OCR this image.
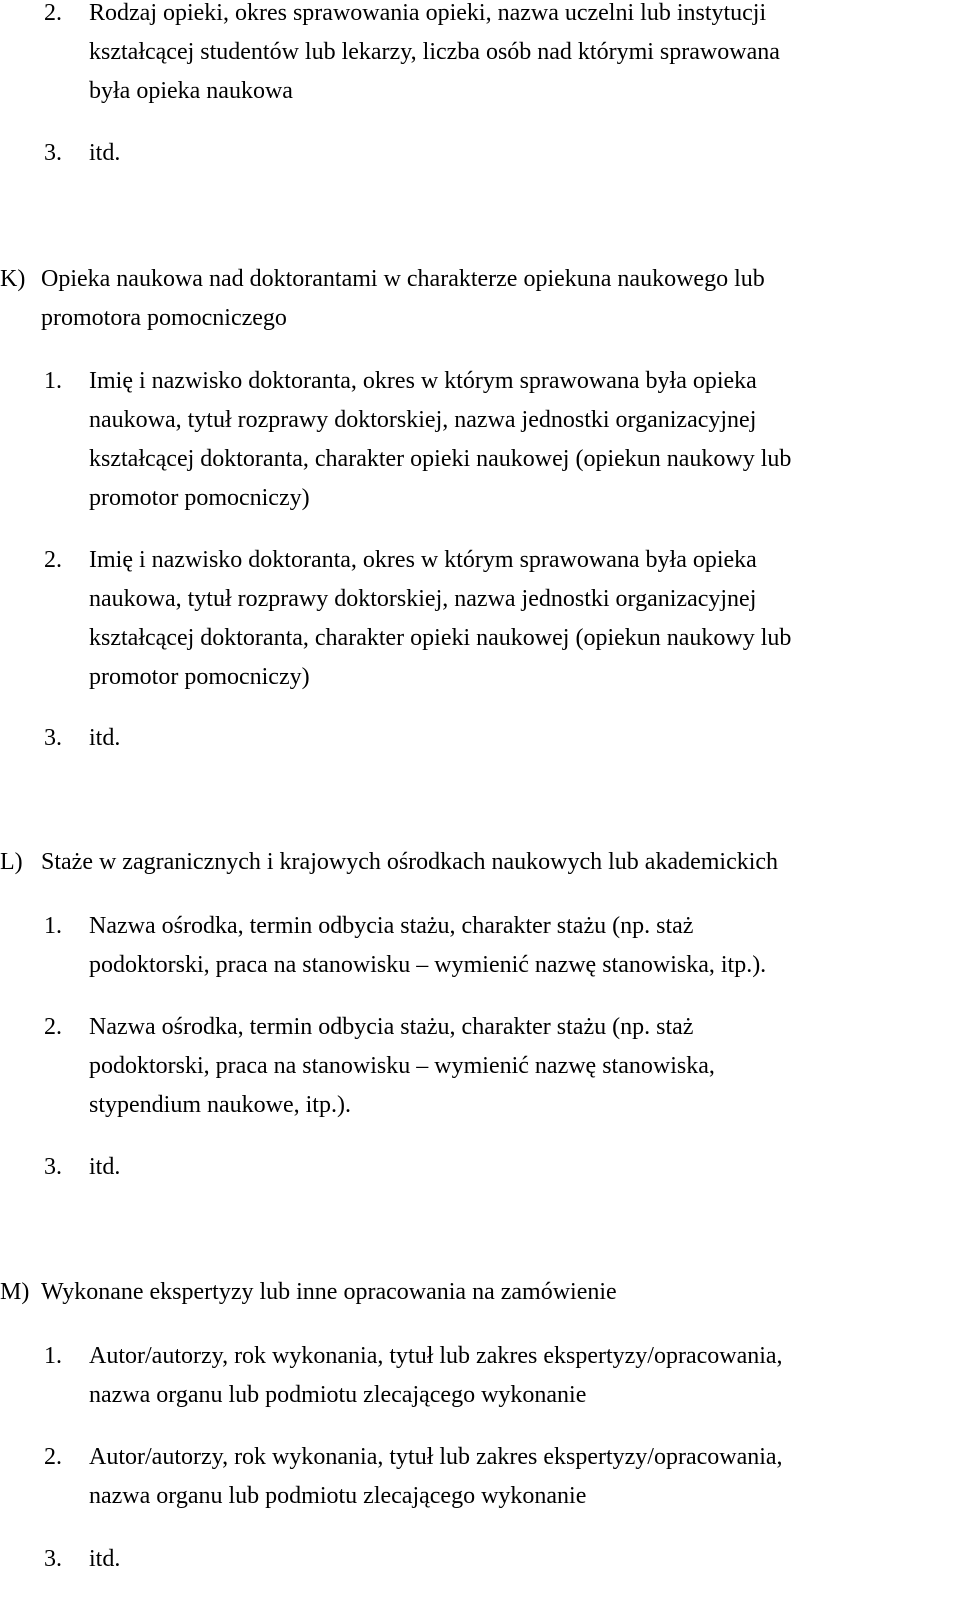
2. Rodzaj opieki, okres sprawowania opieki, nazwa uczelni lub instytucji
kształcącej studentów lub lekarzy, liczba osób nad którymi sprawowana
była opieka naukowa
3. itd.
K) Opieka naukowa nad doktorantami w charakterze opiekuna naukowego lub
promotora pomocniczego
1. Imię i nazwisko doktoranta, okres w którym sprawowana była opieka
naukowa, tytuł rozprawy doktorskiej, nazwa jednostki organizacyjnej
kształcącej doktoranta, charakter opieki naukowej (opiekun naukowy lub
promotor pomocniczy)
2. Imię i nazwisko doktoranta, okres w którym sprawowana była opieka
naukowa, tytuł rozprawy doktorskiej, nazwa jednostki organizacyjnej
kształcącej doktoranta, charakter opieki naukowej (opiekun naukowy lub
promotor pomocniczy)
3. itd.
L) Staże w zagranicznych i krajowych ośrodkach naukowych lub akademickich
1. Nazwa ośrodka, termin odbycia stażu, charakter stażu (np. staż
podoktorski, praca na stanowisku – wymienić nazwę stanowiska, itp.).
2. Nazwa ośrodka, termin odbycia stażu, charakter stażu (np. staż
podoktorski, praca na stanowisku – wymienić nazwę stanowiska,
stypendium naukowe, itp.).
3. itd.
M) Wykonane ekspertyzy lub inne opracowania na zamówienie
1. Autor/autorzy, rok wykonania, tytuł lub zakres ekspertyzy/opracowania,
nazwa organu lub podmiotu zlecającego wykonanie
2. Autor/autorzy, rok wykonania, tytuł lub zakres ekspertyzy/opracowania,
nazwa organu lub podmiotu zlecającego wykonanie
3. itd.
